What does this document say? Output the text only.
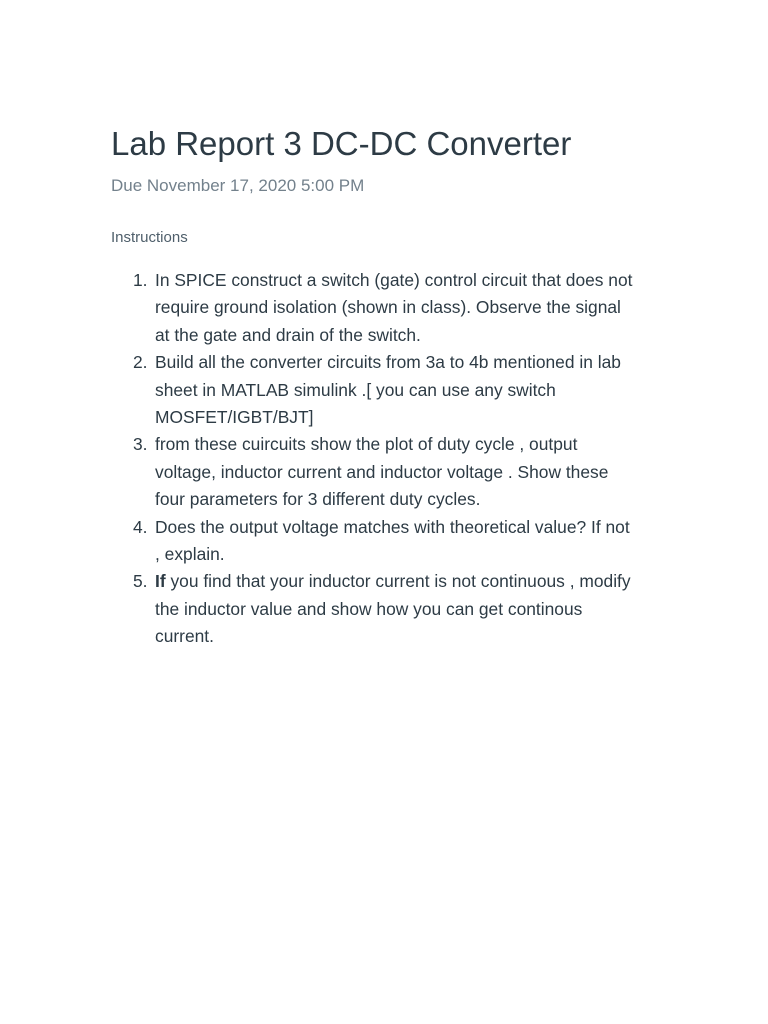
Lab Report 3 DC-DC Converter
Due November 17, 2020 5:00 PM
Instructions
1. In SPICE construct a switch (gate) control circuit that does not require ground isolation (shown in class). Observe the signal at the gate and drain of the switch.
2. Build all the converter circuits from 3a to 4b mentioned in lab sheet in MATLAB simulink .[ you can use any switch MOSFET/IGBT/BJT]
3. from these cuircuits show the plot of duty cycle , output voltage, inductor current and inductor voltage . Show these four parameters for 3 different duty cycles.
4. Does the output voltage matches with theoretical value? If not , explain.
5. If you find that your inductor current is not continuous , modify the inductor value and show how you can get continous current.
